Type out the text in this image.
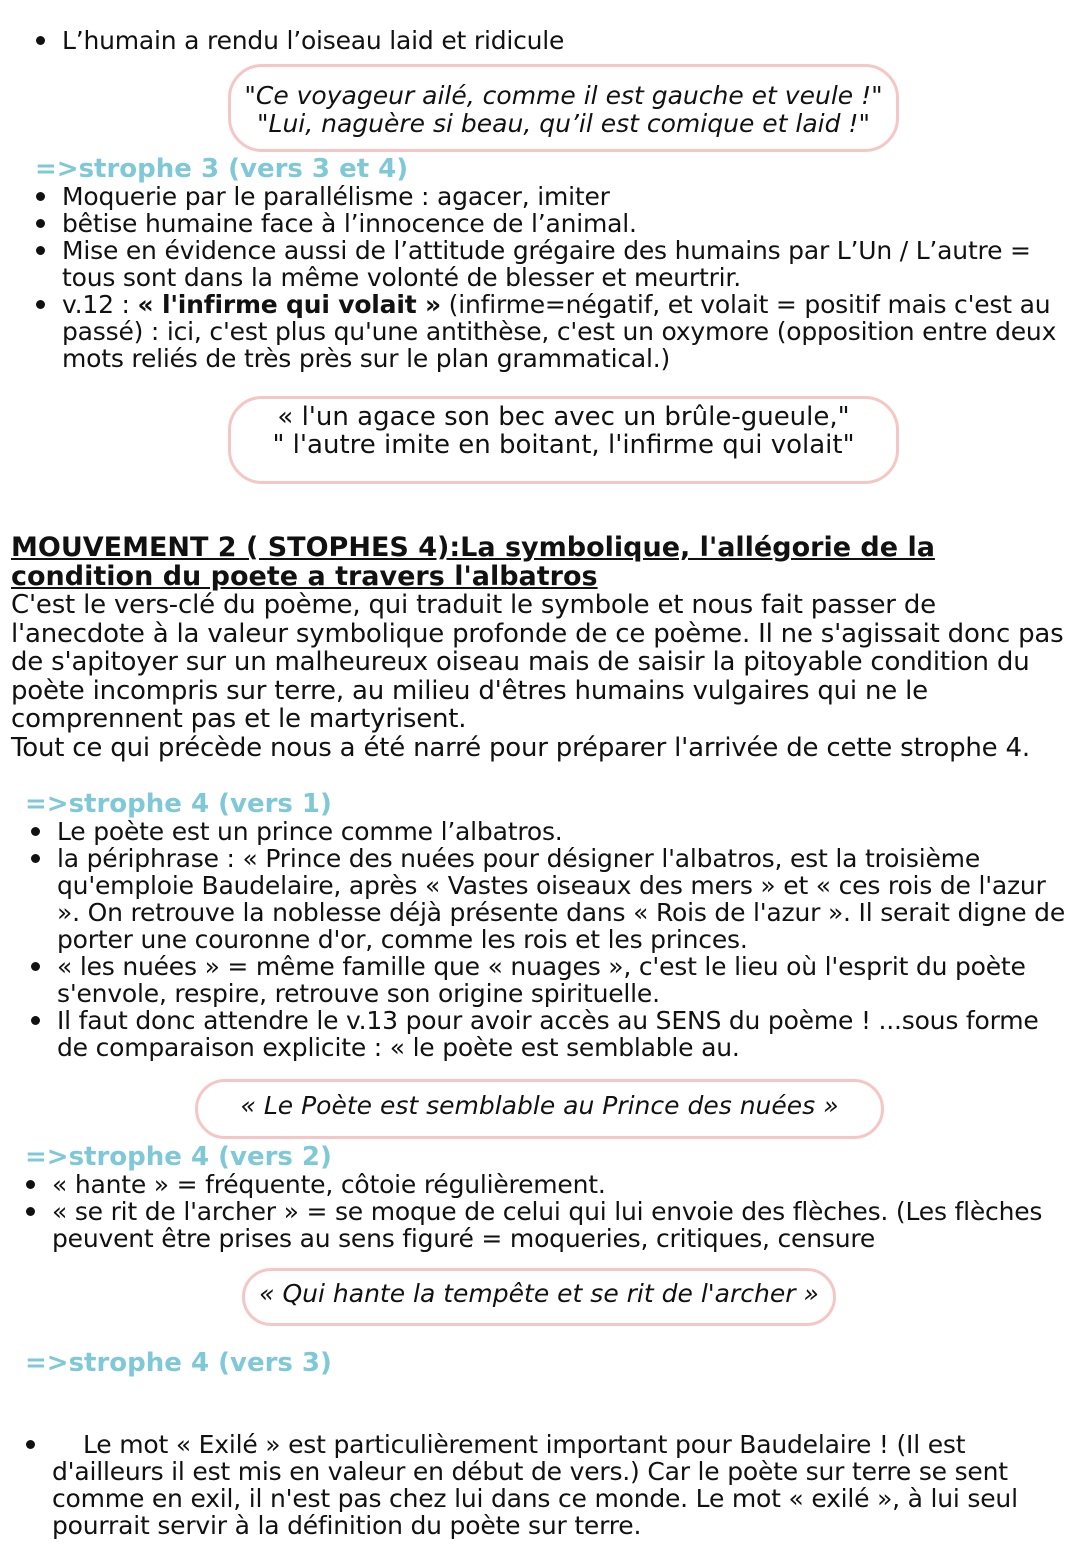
L’humain a rendu l’oiseau laid et ridicule
"Ce voyageur ailé, comme il est gauche et veule !"
"Lui, naguère si beau, qu’il est comique et laid !"
=>strophe 3 (vers 3 et 4)
Moquerie par le parallélisme : agacer, imiter
bêtise humaine face à l’innocence de l’animal.
Mise en évidence aussi de l’attitude grégaire des humains par L’Un / L’autre = tous sont dans la même volonté de blesser et meurtrir.
v.12 : « l'infirme qui volait » (infirme=négatif, et volait = positif mais c'est au passé) : ici, c'est plus qu'une antithèse, c'est un oxymore (opposition entre deux mots reliés de très près sur le plan grammatical.)
« l'un agace son bec avec un brûle-gueule,"
" l'autre imite en boitant, l'infirme qui volait"
MOUVEMENT 2 ( STOPHES 4):La symbolique, l'allégorie de la condition du poete a travers l'albatros
C'est le vers-clé du poème, qui traduit le symbole et nous fait passer de l'anecdote à la valeur symbolique profonde de ce poème. Il ne s'agissait donc pas de s'apitoyer sur un malheureux oiseau mais de saisir la pitoyable condition du poète incompris sur terre, au milieu d'êtres humains vulgaires qui ne le comprennent pas et le martyrisent.
Tout ce qui précède nous a été narré pour préparer l'arrivée de cette strophe 4.
=>strophe 4 (vers 1)
Le poète est un prince comme l’albatros.
la périphrase : « Prince des nuées pour désigner l'albatros, est la troisième qu'emploie Baudelaire, après « Vastes oiseaux des mers » et « ces rois de l'azur ». On retrouve la noblesse déjà présente dans « Rois de l'azur ». Il serait digne de porter une couronne d'or, comme les rois et les princes.
« les nuées » = même famille que « nuages », c'est le lieu où l'esprit du poète s'envole, respire, retrouve son origine spirituelle.
Il faut donc attendre le v.13 pour avoir accès au SENS du poème ! ...sous forme de comparaison explicite : « le poète est semblable au.
« Le Poète est semblable au Prince des nuées »
=>strophe 4 (vers 2)
« hante » = fréquente, côtoie régulièrement.
« se rit de l'archer » = se moque de celui qui lui envoie des flèches. (Les flèches peuvent être prises au sens figuré = moqueries, critiques, censure
« Qui hante la tempête et se rit de l'archer »
=>strophe 4 (vers 3)

Le mot « Exilé » est particulièrement important pour Baudelaire ! (Il est d'ailleurs il est mis en valeur en début de vers.) Car le poète sur terre se sent comme en exil, il n'est pas chez lui dans ce monde. Le mot « exilé », à lui seul pourrait servir à la définition du poète sur terre.
